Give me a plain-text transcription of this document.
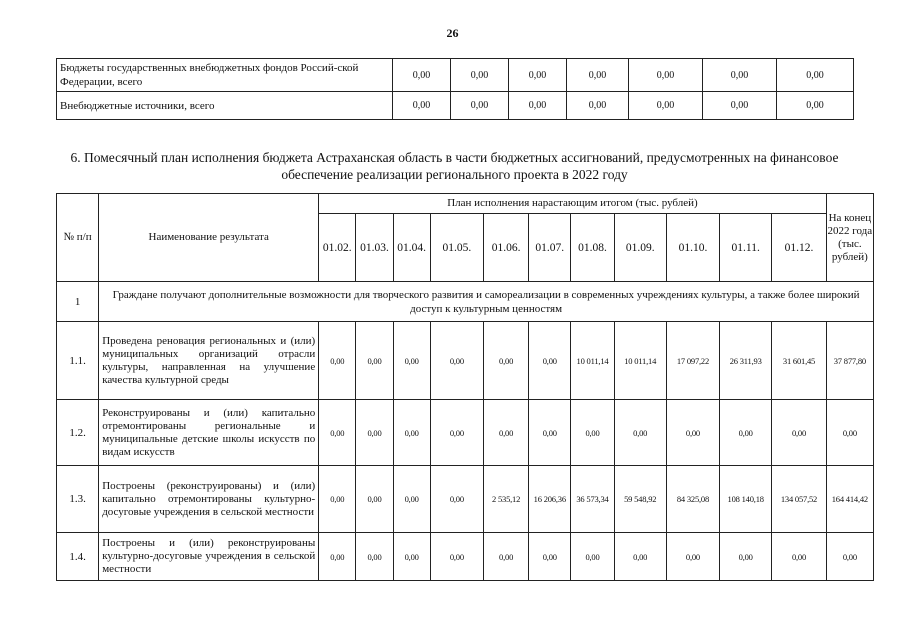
26
Бюджеты государственных внебюджетных фондов Россий-ской Федерации, всего	0,00	0,00	0,00	0,00	0,00	0,00	0,00
Внебюджетные источники, всего	0,00	0,00	0,00	0,00	0,00	0,00	0,00
6. Помесячный план исполнения бюджета Астраханская область в части бюджетных ассигнований, предусмотренных на финансовое обеспечение реализации регионального проекта в 2022 году
№ п/п	Наименование результата	План исполнения нарастающим итогом (тыс. рублей)											На конец 2022 года (тыс. рублей)
		01.02.	01.03.	01.04.	01.05.	01.06.	01.07.	01.08.	01.09.	01.10.	01.11.	01.12.	
1	Граждане получают дополнительные возможности для творческого развития и самореализации в современных учреждениях культуры, а также более широкий доступ к культурным ценностям												
1.1.	Проведена реновация региональных и (или) муниципальных организаций отрасли культуры, направленная на улучшение качества культурной среды	0,00	0,00	0,00	0,00	0,00	0,00	10 011,14	10 011,14	17 097,22	26 311,93	31 601,45	37 877,80
1.2.	Реконструированы и (или) капитально отремонтированы региональные и муниципальные детские школы искусств по видам искусств	0,00	0,00	0,00	0,00	0,00	0,00	0,00	0,00	0,00	0,00	0,00	0,00
1.3.	Построены (реконструированы) и (или) капитально отремонтированы культурно-досуговые учреждения в сельской местности	0,00	0,00	0,00	0,00	2 535,12	16 206,36	36 573,34	59 548,92	84 325,08	108 140,18	134 057,52	164 414,42
1.4.	Построены и (или) реконструированы культурно-досуговые учреждения в сельской местности	0,00	0,00	0,00	0,00	0,00	0,00	0,00	0,00	0,00	0,00	0,00	0,00
